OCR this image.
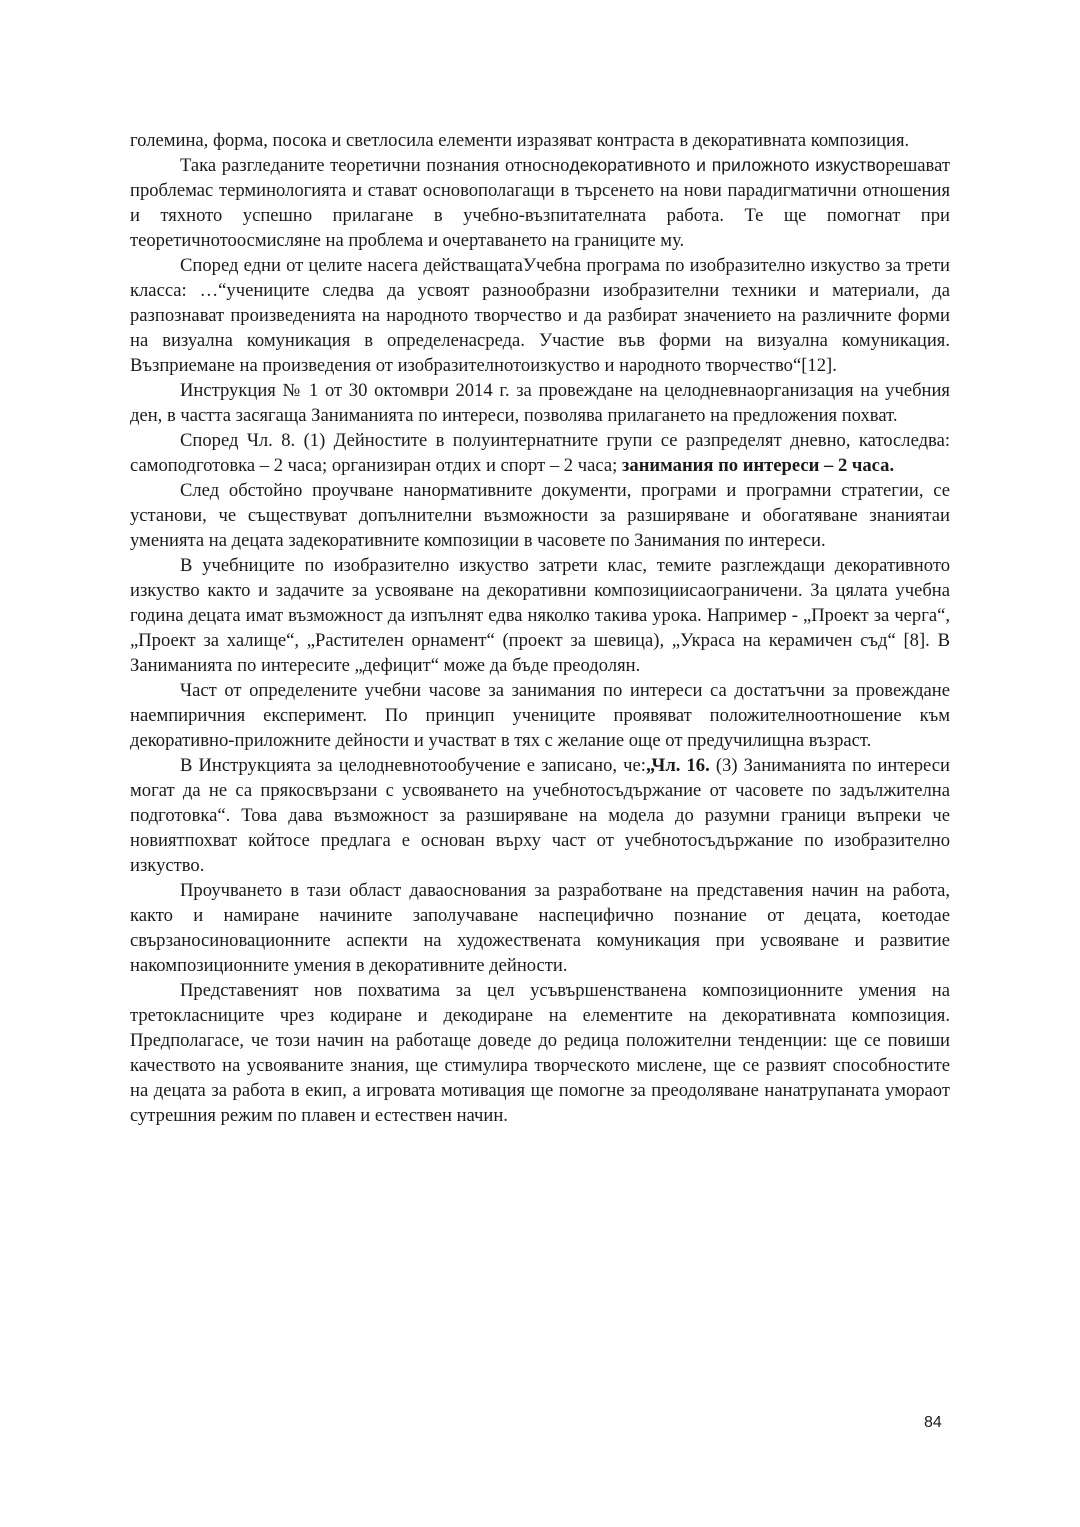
големина, форма, посока и светлосила елементи изразяват контраста в декоративната композиция.

Така разгледаните теоретични познания относнодекоративното и приложното изкустворешават проблемас терминологията и стават основополагащи в търсенето на нови парадигматични отношения и тяхното успешно прилагане в учебно-възпитателната работа. Те ще помогнат при теоретичнотоосмисляне на проблема и очертаването на границите му.

Според едни от целите насега действащатаУчебна програма по изобразително изкуство за трети класса: …“учениците следва да усвоят разнообразни изобразителни техники и материали, да разпознават произведенията на народното творчество и да разбират значението на различните форми на визуална комуникация в определенасреда. Участие във форми на визуална комуникация. Възприемане на произведения от изобразителнотоизкуство и народното творчество“[12].

Инструкция № 1 от 30 октомври 2014 г. за провеждане на целодневнаорганизация на учебния ден, в частта засягаща Заниманията по интереси, позволява прилагането на предложения похват.

Според Чл. 8. (1) Дейностите в полуинтернатните групи се разпределят дневно, катоследва: самоподготовка – 2 часа; организиран отдих и спорт – 2 часа; занимания по интереси – 2 часа.

След обстойно проучване нанормативните документи, програми и програмни стратегии, се установи, че съществуват допълнителни възможности за разширяване и обогатяване знаниятаи уменията на децата задекоративните композиции в часовете по Занимания по интереси.

В учебниците по изобразително изкуство затрети клас, темите разглеждащи декоративното изкуство както и задачите за усвояване на декоративни композициисаограничени. За цялата учебна година децата имат възможност да изпълнят едва няколко такива урока. Например - „Проект за черга“, „Проект за халище“, „Растителен орнамент“ (проект за шевица), „Украса на керамичен съд“ [8]. В Заниманията по интересите „дефицит“ може да бъде преодолян.

Част от определените учебни часове за занимания по интереси са достатъчни за провеждане наемпиричния експеримент. По принцип учениците проявяват положителноотношение към декоративно-приложните дейности и участват в тях с желание още от предучилищна възраст.

В Инструкцията за целодневнотообучение е записано, че:„Чл. 16. (3) Заниманията по интереси могат да не са прякосвързани с усвояването на учебнотосъдържание от часовете по задължителна подготовка“. Това дава възможност за разширяване на модела до разумни граници въпреки че новиятпохват койтосе предлага е основан върху част от учебнотосъдържание по изобразително изкуство.

Проучването в тази област даваоснования за разработване на представения начин на работа, както и намиране начините заполучаване наспецифично познание от децата, коетодае свързаносиновационните аспекти на художествената комуникация при усвояване и развитие накомпозиционните умения в декоративните дейности.

Представеният нов похватима за цел усъвършенстванена композиционните умения на третокласниците чрез кодиране и декодиране на елементите на декоративната композиция. Предполагасе, че този начин на работаще доведе до редица положителни тенденции: ще се повиши качеството на усвояваните знания, ще стимулира творческото мислене, ще се развият способностите на децата за работа в екип, а игровата мотивация ще помогне за преодоляване нанатрупаната умораот сутрешния режим по плавен и естествен начин.

84
